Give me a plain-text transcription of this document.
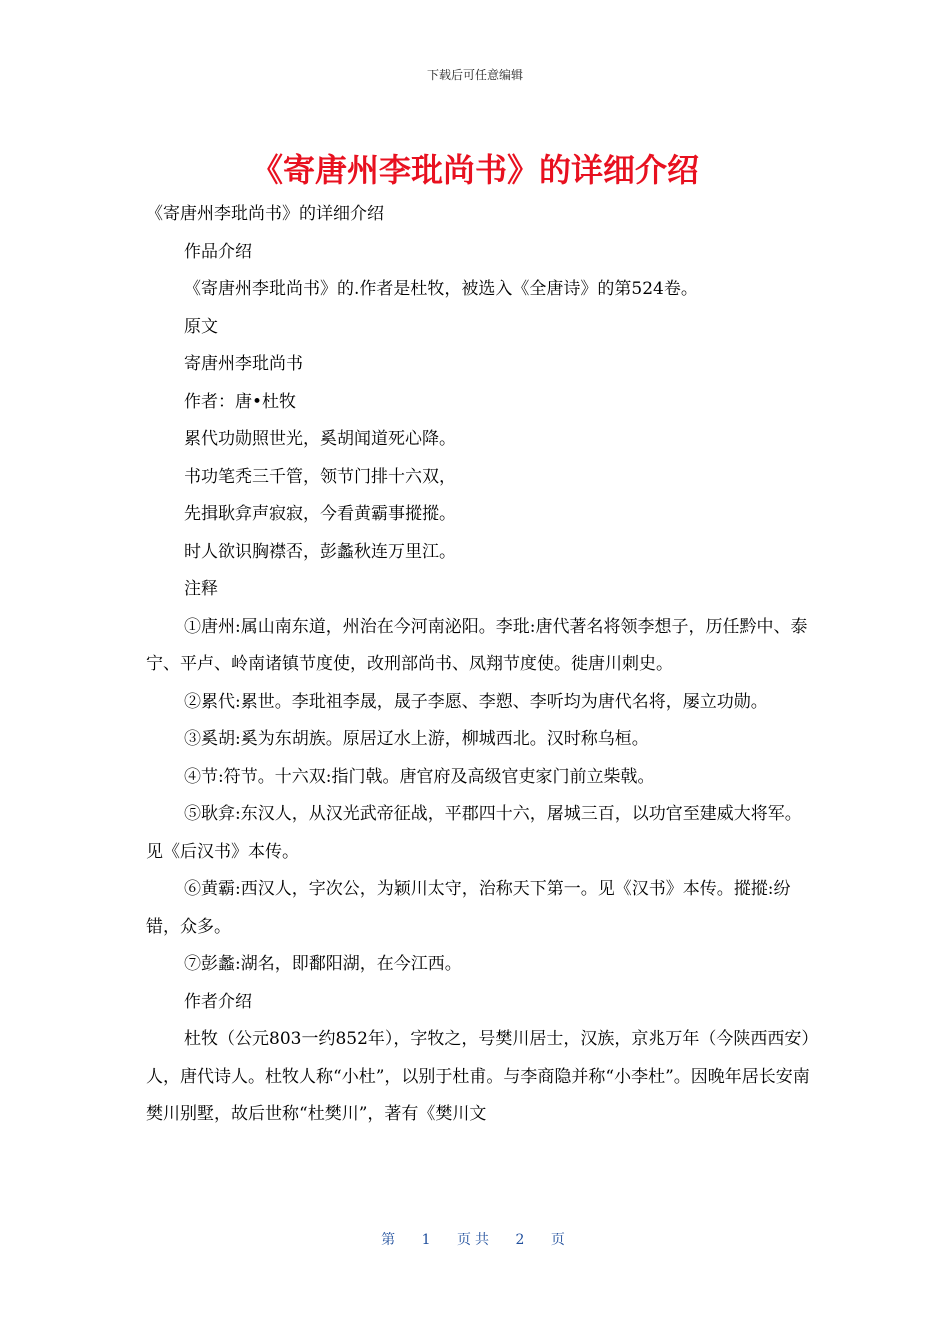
下载后可任意编辑
《寄唐州李玭尚书》的详细介绍

《寄唐州李玭尚书》的详细介绍

作品介绍

《寄唐州李玭尚书》的.作者是杜牧，被选入《全唐诗》的第524卷。

原文

寄唐州李玭尚书

作者：唐•杜牧

累代功勋照世光，奚胡闻道死心降。

书功笔秃三千管，领节门排十六双，

先揖耿弇声寂寂，今看黄霸事摐摐。

时人欲识胸襟否，彭蠡秋连万里江。

注释

①唐州:属山南东道，州治在今河南泌阳。李玭:唐代著名将领李想子，历任黔中、泰宁、平卢、岭南诸镇节度使，改刑部尚书、凤翔节度使。徙唐川刺史。

②累代:累世。李玭祖李晟，晟子李愿、李愬、李听均为唐代名将，屡立功勋。

③奚胡:奚为东胡族。原居辽水上游，柳城西北。汉时称乌桓。

④节:符节。十六双:指门戟。唐官府及高级官吏家门前立柴戟。

⑤耿弇:东汉人，从汉光武帝征战，平郡四十六，屠城三百，以功官至建威大将军。见《后汉书》本传。

⑥黄霸:西汉人，字次公，为颖川太守，治称天下第一。见《汉书》本传。摐摐:纷错，众多。

⑦彭蠡:湖名，即鄱阳湖，在今江西。

作者介绍

杜牧（公元803一约852年），字牧之，号樊川居士，汉族，京兆万年（今陕西西安）人，唐代诗人。杜牧人称“小杜”，以别于杜甫。与李商隐并称“小李杜”。因晚年居长安南樊川别墅，故后世称“杜樊川”，著有《樊川文

第 1 页共 2 页
